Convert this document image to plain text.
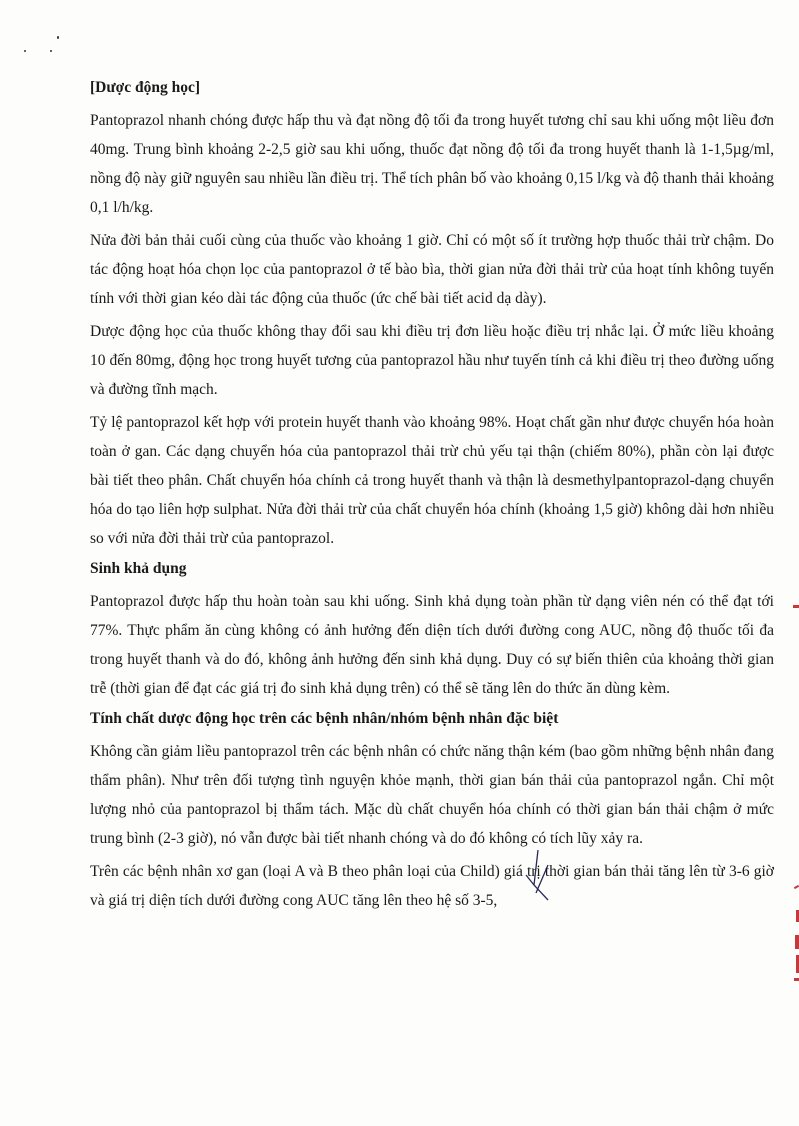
[Dược động học]

Pantoprazol nhanh chóng được hấp thu và đạt nồng độ tối đa trong huyết tương chỉ sau khi uống một liều đơn 40mg. Trung bình khoảng 2-2,5 giờ sau khi uống, thuốc đạt nồng độ tối đa trong huyết thanh là 1-1,5µg/ml, nồng độ này giữ nguyên sau nhiều lần điều trị. Thể tích phân bố vào khoảng 0,15 l/kg và độ thanh thải khoảng 0,1 l/h/kg.

Nửa đời bản thải cuối cùng của thuốc vào khoảng 1 giờ. Chỉ có một số ít trường hợp thuốc thải trừ chậm. Do tác động hoạt hóa chọn lọc của pantoprazol ở tế bào bìa, thời gian nửa đời thải trừ của hoạt tính không tuyến tính với thời gian kéo dài tác động của thuốc (ức chế bài tiết acid dạ dày).

Dược động học của thuốc không thay đổi sau khi điều trị đơn liều hoặc điều trị nhắc lại. Ở mức liều khoảng 10 đến 80mg, động học trong huyết tương của pantoprazol hầu như tuyến tính cả khi điều trị theo đường uống và đường tĩnh mạch.

Tỷ lệ pantoprazol kết hợp với protein huyết thanh vào khoảng 98%. Hoạt chất gần như được chuyển hóa hoàn toàn ở gan. Các dạng chuyển hóa của pantoprazol thải trừ chủ yếu tại thận (chiếm 80%), phần còn lại được bài tiết theo phân. Chất chuyển hóa chính cả trong huyết thanh và thận là desmethylpantoprazol-dạng chuyển hóa do tạo liên hợp sulphat. Nửa đời thải trừ của chất chuyển hóa chính (khoảng 1,5 giờ) không dài hơn nhiều so với nửa đời thải trừ của pantoprazol.

Sinh khả dụng

Pantoprazol được hấp thu hoàn toàn sau khi uống. Sinh khả dụng toàn phần từ dạng viên nén có thể đạt tới 77%. Thực phẩm ăn cùng không có ảnh hưởng đến diện tích dưới đường cong AUC, nồng độ thuốc tối đa trong huyết thanh và do đó, không ảnh hưởng đến sinh khả dụng. Duy có sự biến thiên của khoảng thời gian trễ (thời gian để đạt các giá trị đo sinh khả dụng trên) có thể sẽ tăng lên do thức ăn dùng kèm.

Tính chất dược động học trên các bệnh nhân/nhóm bệnh nhân đặc biệt

Không cần giảm liều pantoprazol trên các bệnh nhân có chức năng thận kém (bao gồm những bệnh nhân đang thẩm phân). Như trên đối tượng tình nguyện khỏe mạnh, thời gian bán thải của pantoprazol ngắn. Chỉ một lượng nhỏ của pantoprazol bị thẩm tách. Mặc dù chất chuyển hóa chính có thời gian bán thải chậm ở mức trung bình (2-3 giờ), nó vẫn được bài tiết nhanh chóng và do đó không có tích lũy xảy ra.

Trên các bệnh nhân xơ gan (loại A và B theo phân loại của Child) giá trị thời gian bán thải tăng lên từ 3-6 giờ và giá trị diện tích dưới đường cong AUC tăng lên theo hệ số 3-5,
